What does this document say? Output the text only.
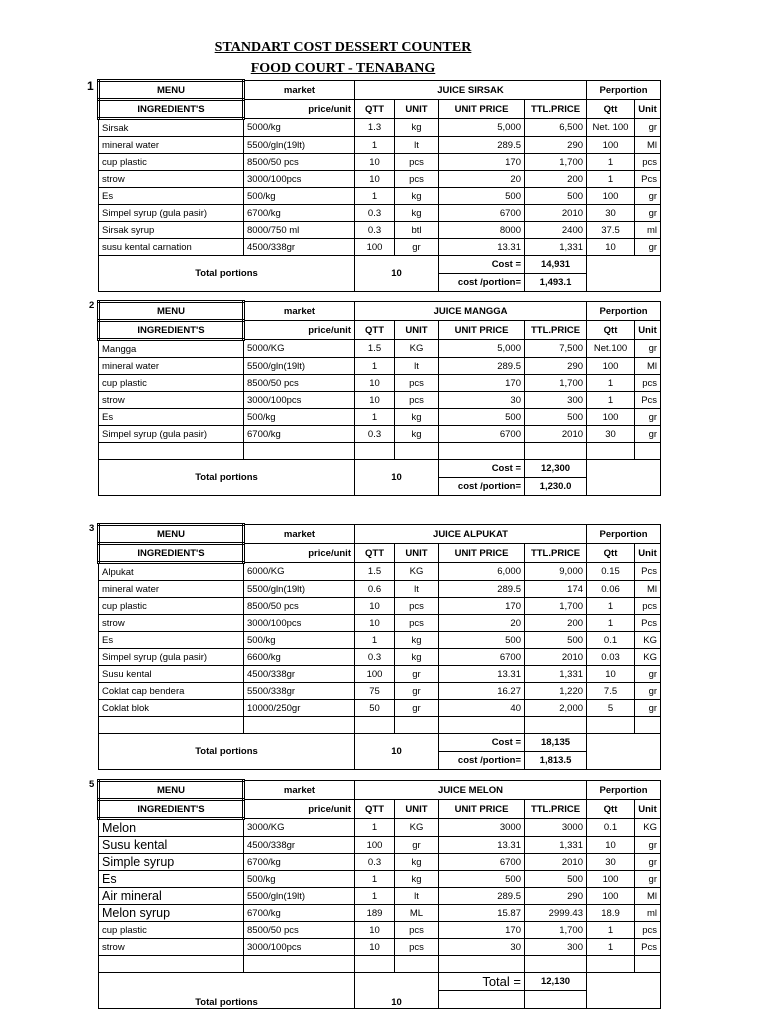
STANDART COST DESSERT COUNTER
FOOD COURT - TENABANG
1	MENU	market	JUICE SIRSAK				Perportion	
INGREDIENT'S	price/unit	QTT	UNIT	UNIT PRICE	TTL.PRICE	Qtt	Unit
Sirsak	5000/kg	1.3	kg	5,000	6,500	Net. 100	gr
mineral water	5500/gln(19lt)	1	lt	289.5	290	100	Ml
cup plastic	8500/50 pcs	10	pcs	170	1,700	1	pcs
strow	3000/100pcs	10	pcs	20	200	1	Pcs
Es	500/kg	1	kg	500	500	100	gr
Simpel syrup (gula pasir)	6700/kg	0.3	kg	6700	2010	30	gr
Sirsak syrup	8000/750 ml	0.3	btl	8000	2400	37.5	ml
susu kental carnation	4500/338gr	100	gr	13.31	1,331	10	gr
Total portions		10		Cost =	14,931		
				cost /portion=	1,493.1		
2	MENU	market	JUICE MANGGA				Perportion	
INGREDIENT'S	price/unit	QTT	UNIT	UNIT PRICE	TTL.PRICE	Qtt	Unit
Mangga	5000/KG	1.5	KG	5,000	7,500	Net.100	gr
mineral water	5500/gln(19lt)	1	lt	289.5	290	100	Ml
cup plastic	8500/50 pcs	10	pcs	170	1,700	1	pcs
strow	3000/100pcs	10	pcs	30	300	1	Pcs
Es	500/kg	1	kg	500	500	100	gr
Simpel syrup (gula pasir)	6700/kg	0.3	kg	6700	2010	30	gr

Total portions		10		Cost =	12,300		
				cost /portion=	1,230.0		
3	MENU	market	JUICE ALPUKAT				Perportion	
INGREDIENT'S	price/unit	QTT	UNIT	UNIT PRICE	TTL.PRICE	Qtt	Unit
Alpukat	6000/KG	1.5	KG	6,000	9,000	0.15	Pcs
mineral water	5500/gln(19lt)	0.6	lt	289.5	174	0.06	Ml
cup plastic	8500/50 pcs	10	pcs	170	1,700	1	pcs
strow	3000/100pcs	10	pcs	20	200	1	Pcs
Es	500/kg	1	kg	500	500	0.1	KG
Simpel syrup (gula pasir)	6600/kg	0.3	kg	6700	2010	0.03	KG
Susu kental	4500/338gr	100	gr	13.31	1,331	10	gr
Coklat cap bendera	5500/338gr	75	gr	16.27	1,220	7.5	gr
Coklat blok	10000/250gr	50	gr	40	2,000	5	gr

Total portions		10		Cost =	18,135		
				cost /portion=	1,813.5		
5	MENU	market	JUICE MELON				Perportion	
INGREDIENT'S	price/unit	QTT	UNIT	UNIT PRICE	TTL.PRICE	Qtt	Unit
Melon	3000/KG	1	KG	3000	3000	0.1	KG
Susu kental	4500/338gr	100	gr	13.31	1,331	10	gr
Simple syrup	6700/kg	0.3	kg	6700	2010	30	gr
Es	500/kg	1	kg	500	500	100	gr
Air mineral	5500/gln(19lt)	1	lt	289.5	290	100	Ml
Melon syrup	6700/kg	189	ML	15.87	2999.43	18.9	ml
cup plastic	8500/50 pcs	10	pcs	170	1,700	1	pcs
strow	3000/100pcs	10	pcs	30	300	1	Pcs

Total portions		10		Total =	12,130		
